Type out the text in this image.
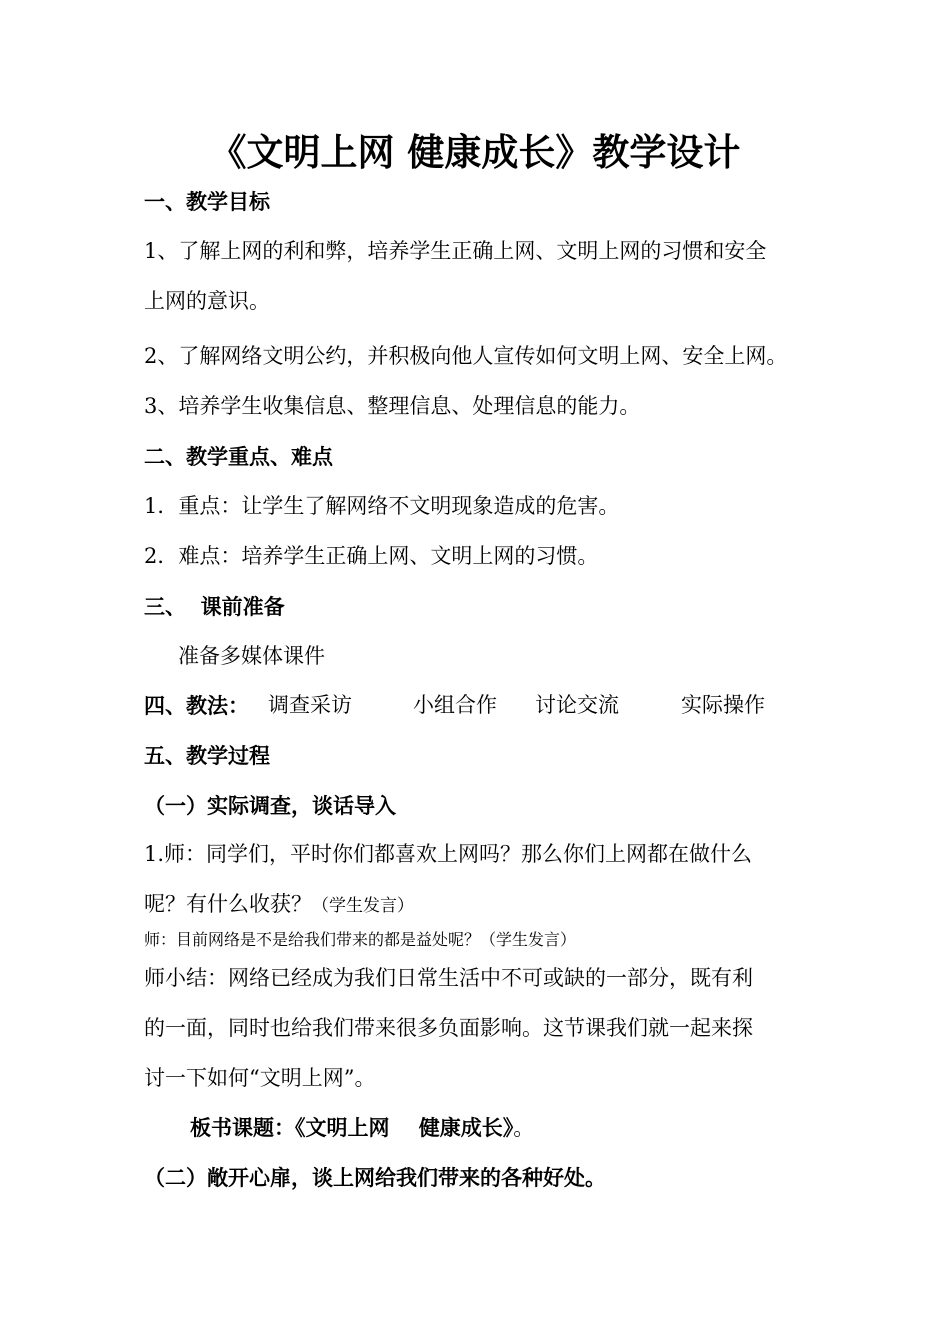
《文明上网 健康成长》教学设计
一、教学目标
1、了解上网的利和弊，培养学生正确上网、文明上网的习惯和安全
上网的意识。
2、了解网络文明公约，并积极向他人宣传如何文明上网、安全上网。
3、培养学生收集信息、整理信息、处理信息的能力。
二、教学重点、难点
1．重点：让学生了解网络不文明现象造成的危害。
2．难点：培养学生正确上网、文明上网的习惯。
三、  课前准备
准备多媒体课件
四、教法： 调查采访	小组合作 讨论交流	实际操作
五、教学过程
（一）实际调查，谈话导入
1.师：同学们，平时你们都喜欢上网吗？那么你们上网都在做什么
呢？有什么收获？（学生发言）
师：目前网络是不是给我们带来的都是益处呢？（学生发言）
师小结：网络已经成为我们日常生活中不可或缺的一部分，既有利
的一面，同时也给我们带来很多负面影响。这节课我们就一起来探
讨一下如何“文明上网”。
板书课题：《文明上网    健康成长》。
（二）敞开心扉，谈上网给我们带来的各种好处。
